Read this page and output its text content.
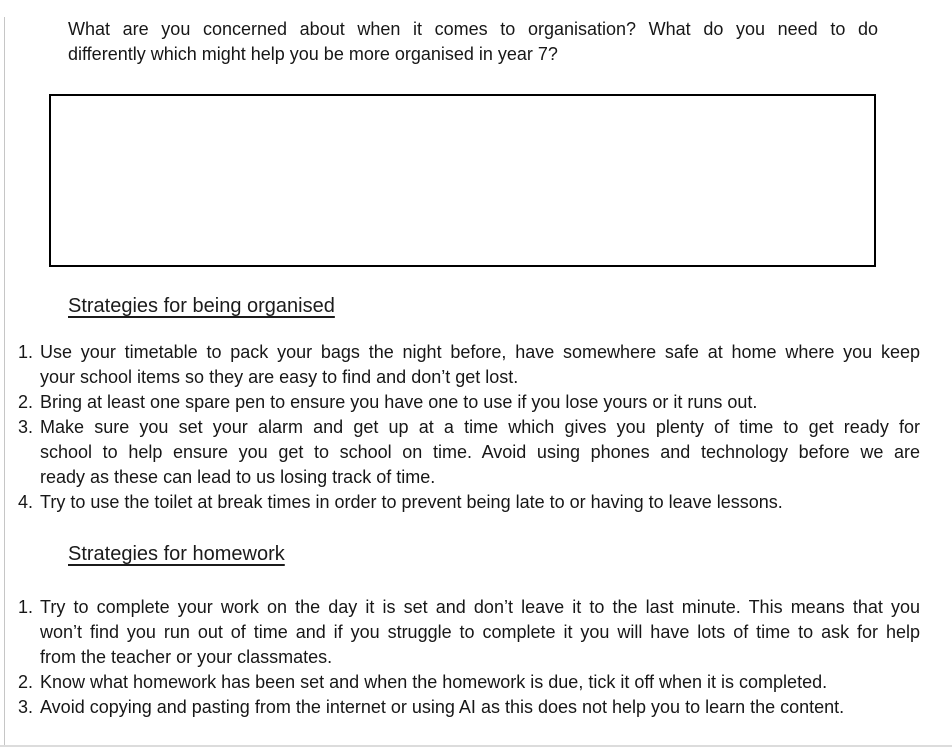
What are you concerned about when it comes to organisation? What do you need to do
differently which might help you be more organised in year 7?
Strategies for being organised
1. Use your timetable to pack your bags the night before, have somewhere safe at home where you keep
your school items so they are easy to find and don’t get lost.
2. Bring at least one spare pen to ensure you have one to use if you lose yours or it runs out.
3. Make sure you set your alarm and get up at a time which gives you plenty of time to get ready for
school to help ensure you get to school on time. Avoid using phones and technology before we are
ready as these can lead to us losing track of time.
4. Try to use the toilet at break times in order to prevent being late to or having to leave lessons.
Strategies for homework
1. Try to complete your work on the day it is set and don’t leave it to the last minute. This means that you
won’t find you run out of time and if you struggle to complete it you will have lots of time to ask for help
from the teacher or your classmates.
2. Know what homework has been set and when the homework is due, tick it off when it is completed.
3. Avoid copying and pasting from the internet or using AI as this does not help you to learn the content.
